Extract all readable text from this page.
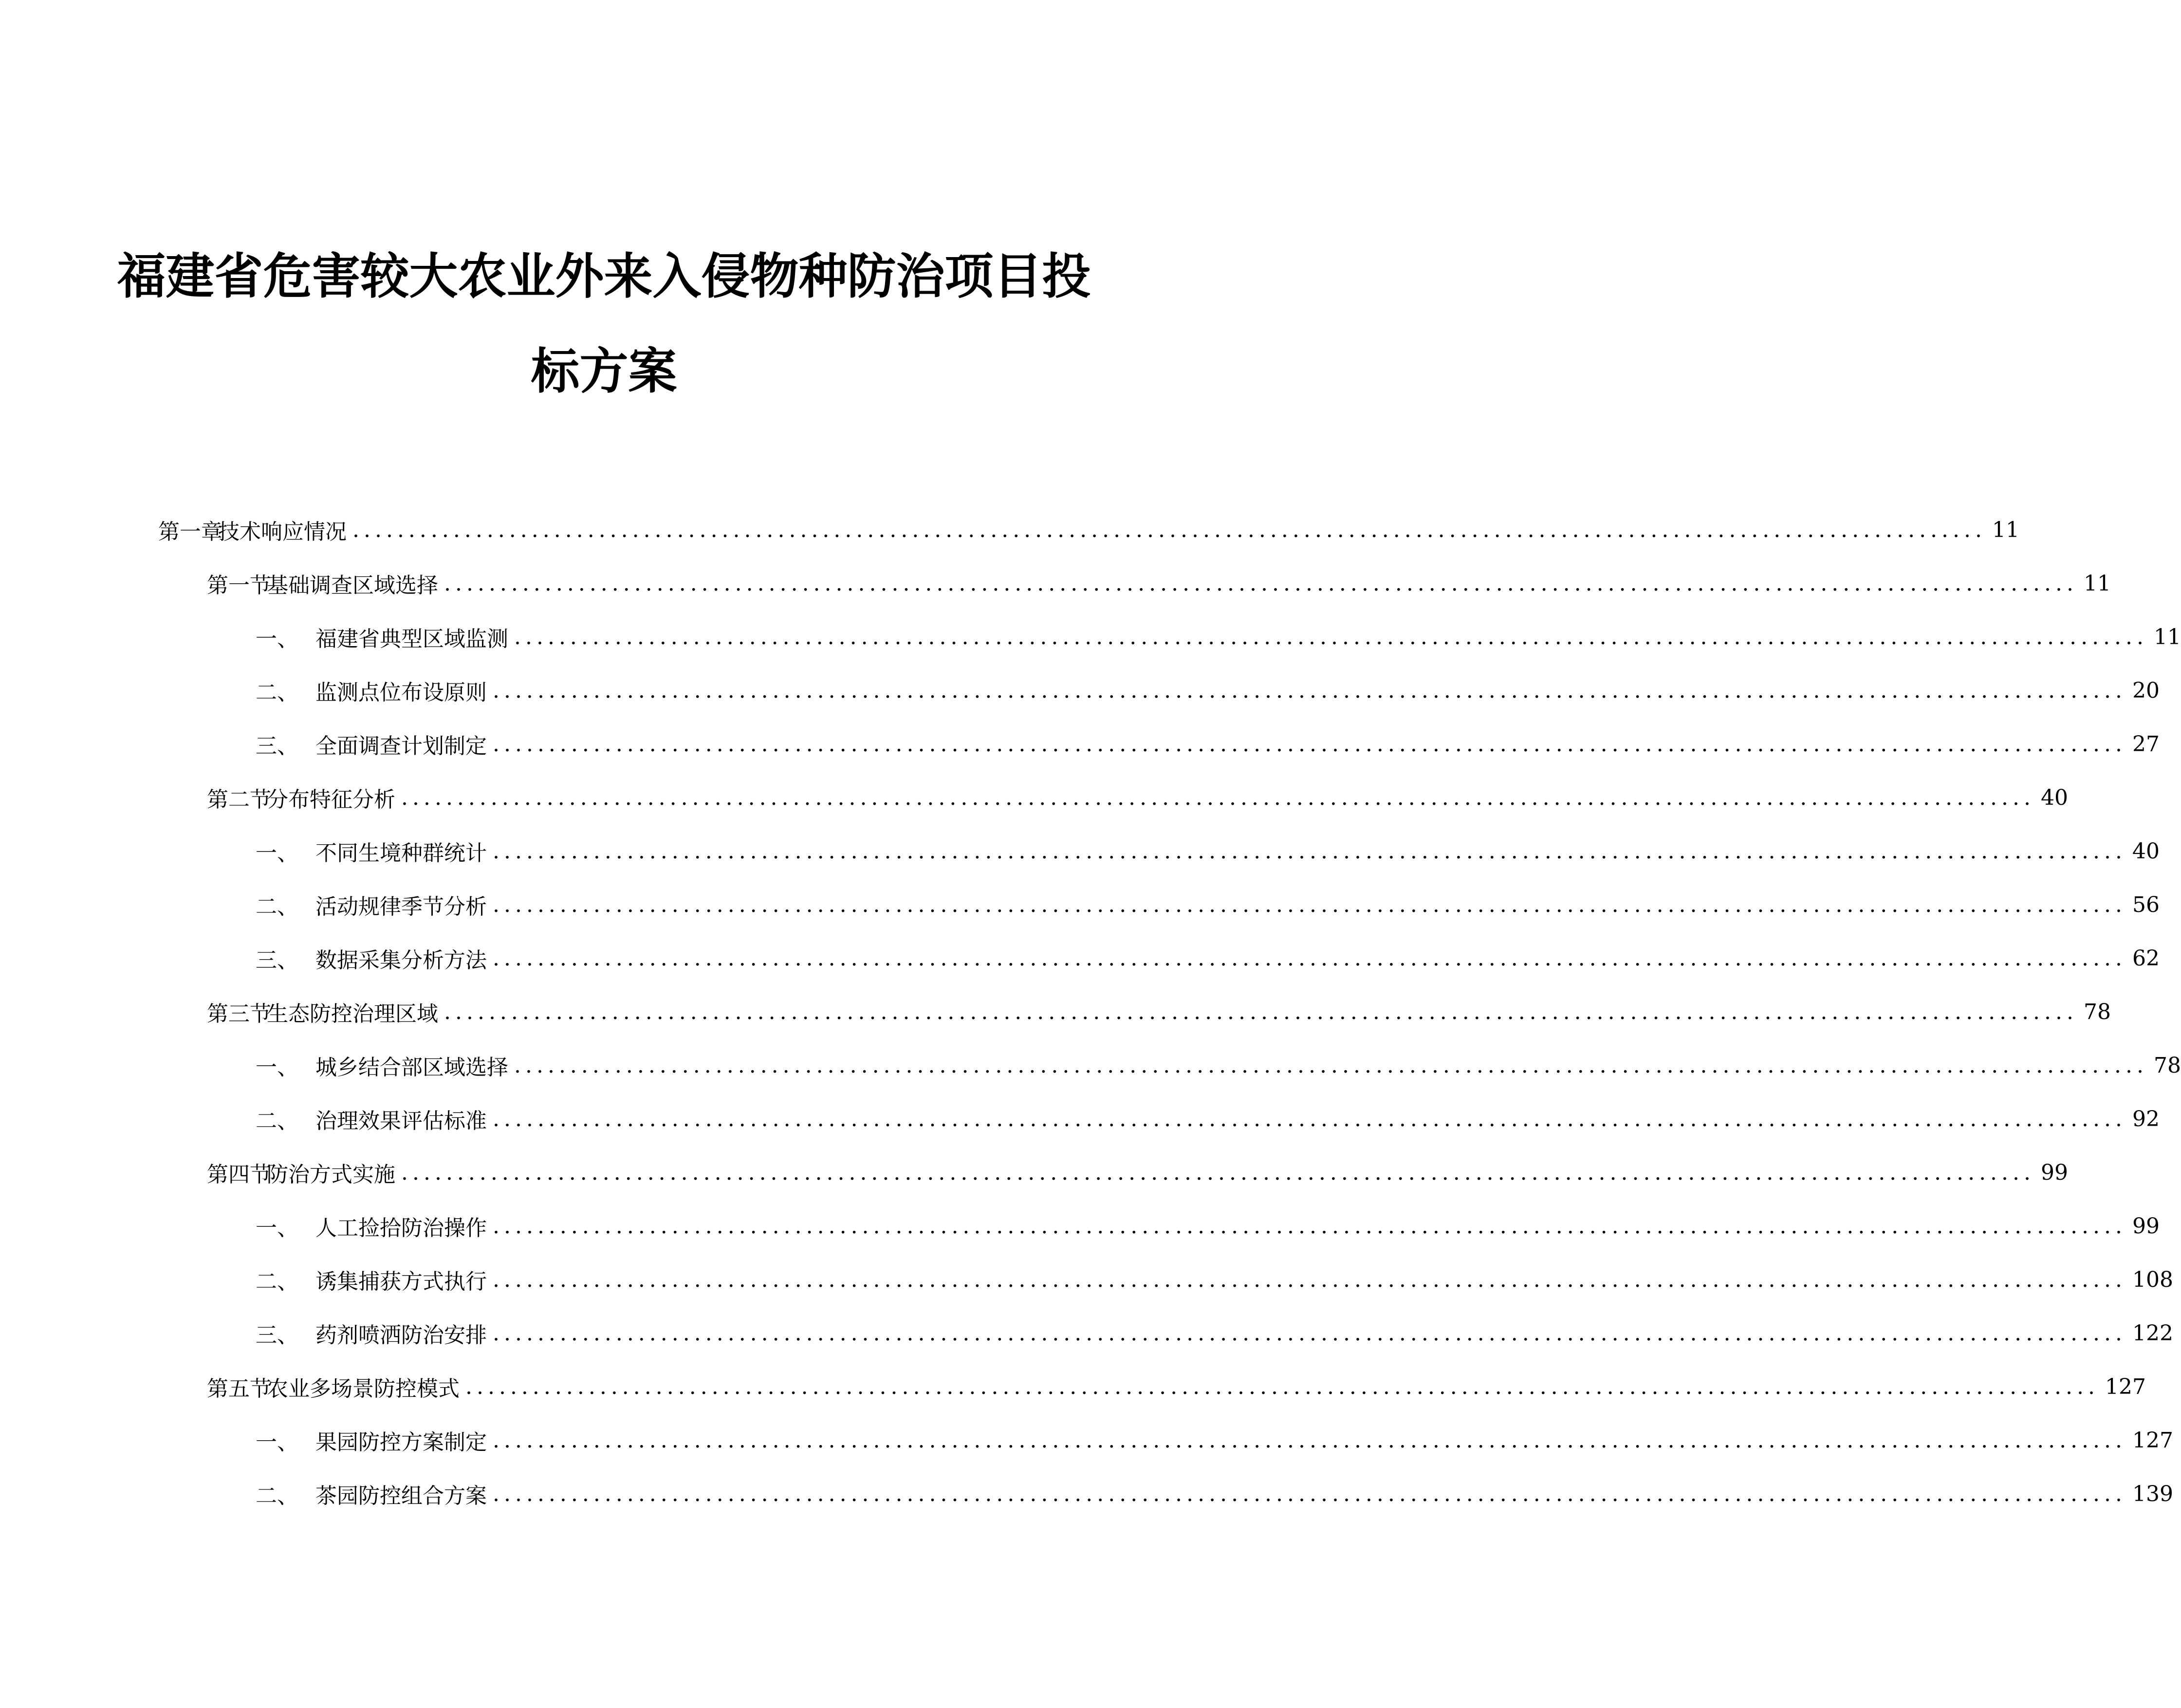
福建省危害较大农业外来入侵物种防治项目投标方案
第一章技术响应情况 .................................................................................................................................................. 11
第一节基础调查区域选择 .................................................................................................................................................. 11
一、 福建省典型区域监测 .................................................................................................................................................. 11
二、 监测点位布设原则 .................................................................................................................................................. 20
三、 全面调查计划制定 .................................................................................................................................................. 27
第二节分布特征分析 .................................................................................................................................................. 40
一、 不同生境种群统计 .................................................................................................................................................. 40
二、 活动规律季节分析 .................................................................................................................................................. 56
三、 数据采集分析方法 .................................................................................................................................................. 62
第三节生态防控治理区域 .................................................................................................................................................. 78
一、 城乡结合部区域选择 .................................................................................................................................................. 78
二、 治理效果评估标准 .................................................................................................................................................. 92
第四节防治方式实施 .................................................................................................................................................. 99
一、 人工捡拾防治操作 .................................................................................................................................................. 99
二、 诱集捕获方式执行 .................................................................................................................................................. 108
三、 药剂喷洒防治安排 .................................................................................................................................................. 122
第五节农业多场景防控模式 .................................................................................................................................................. 127
一、 果园防控方案制定 .................................................................................................................................................. 127
二、 茶园防控组合方案 .................................................................................................................................................. 139
